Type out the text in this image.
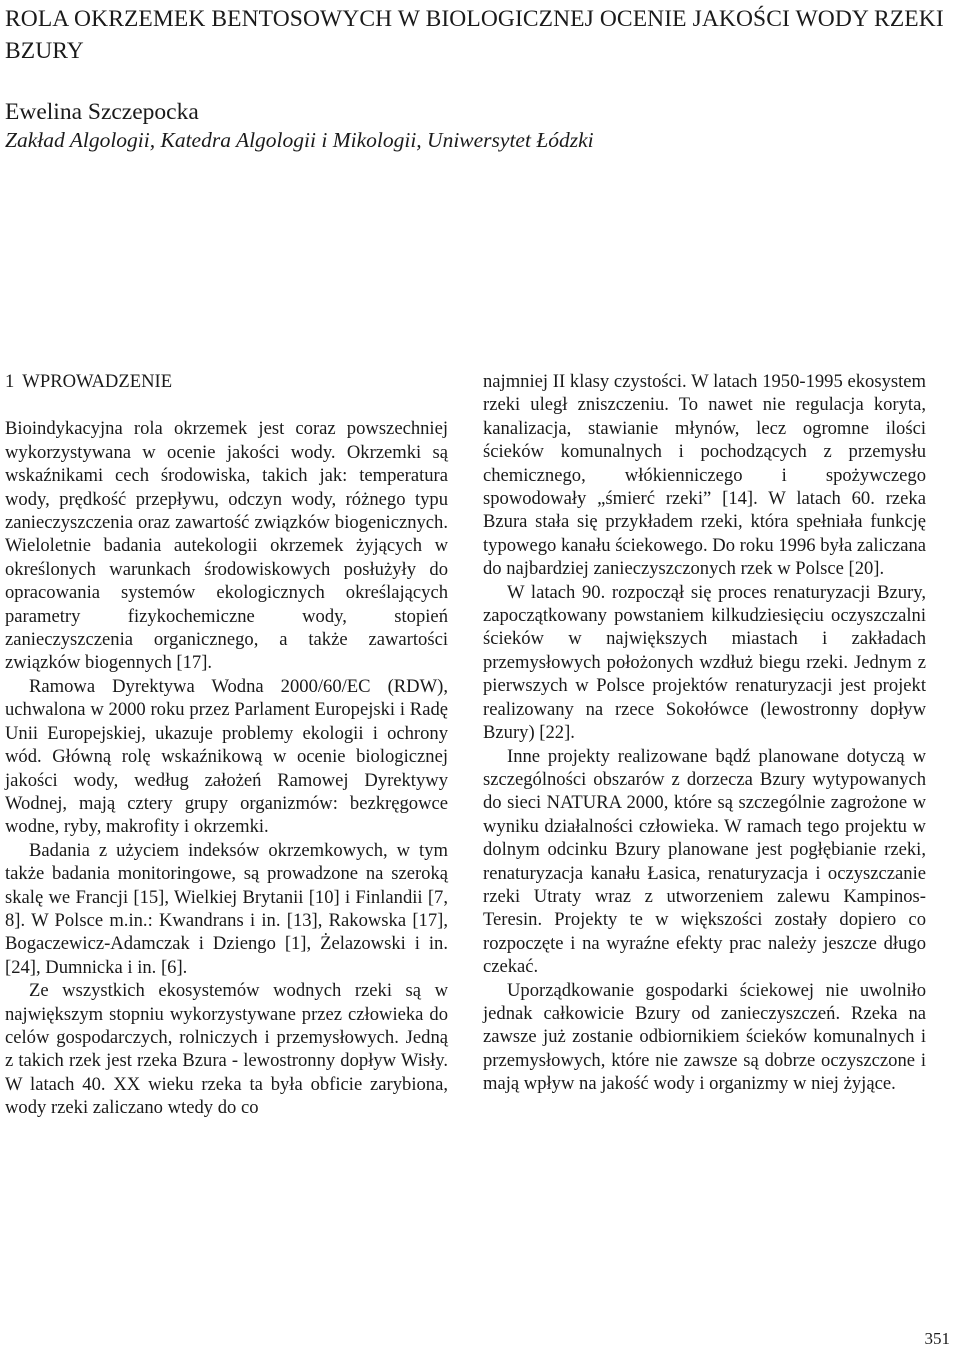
ROLA OKRZEMEK BENTOSOWYCH W BIOLOGICZNEJ OCENIE JAKOŚCI WODY RZEKI BZURY

Ewelina Szczepocka

Zakład Algologii, Katedra Algologii i Mikologii, Uniwersytet Łódzki

1 WPROWADZENIE

Bioindykacyjna rola okrzemek jest coraz powszechniej wykorzystywana w ocenie jakości wody. Okrzemki są wskaźnikami cech środowiska, takich jak: temperatura wody, prędkość przepływu, odczyn wody, różnego typu zanieczyszczenia oraz zawartość związków biogenicznych. Wieloletnie badania autekologii okrzemek żyjących w określonych warunkach środowiskowych posłużyły do opracowania systemów ekologicznych określających parametry fizykochemiczne wody, stopień zanieczyszczenia organicznego, a także zawartości związków biogennych [17].

Ramowa Dyrektywa Wodna 2000/60/EC (RDW), uchwalona w 2000 roku przez Parlament Europejski i Radę Unii Europejskiej, ukazuje problemy ekologii i ochrony wód. Główną rolę wskaźnikową w ocenie biologicznej jakości wody, według założeń Ramowej Dyrektywy Wodnej, mają cztery grupy organizmów: bezkręgowce wodne, ryby, makrofity i okrzemki.

Badania z użyciem indeksów okrzemkowych, w tym także badania monitoringowe, są prowadzone na szeroką skalę we Francji [15], Wielkiej Brytanii [10] i Finlandii [7, 8]. W Polsce m.in.: Kwandrans i in. [13], Rakowska [17], Bogaczewicz-Adamczak i Dziengo [1], Żelazowski i in. [24], Dumnicka i in. [6].

Ze wszystkich ekosystemów wodnych rzeki są w największym stopniu wykorzystywane przez człowieka do celów gospodarczych, rolniczych i przemysłowych. Jedną z takich rzek jest rzeka Bzura - lewostronny dopływ Wisły. W latach 40. XX wieku rzeka ta była obficie zarybiona, wody rzeki zaliczano wtedy do co

najmniej II klasy czystości. W latach 1950-1995 ekosystem rzeki uległ zniszczeniu. To nawet nie regulacja koryta, kanalizacja, stawianie młynów, lecz ogromne ilości ścieków komunalnych i pochodzących z przemysłu chemicznego, włókienniczego i spożywczego spowodowały „śmierć rzeki” [14]. W latach 60. rzeka Bzura stała się przykładem rzeki, która spełniała funkcję typowego kanału ściekowego. Do roku 1996 była zaliczana do najbardziej zanieczyszczonych rzek w Polsce [20].

W latach 90. rozpoczął się proces renaturyzacji Bzury, zapoczątkowany powstaniem kilkudziesięciu oczyszczalni ścieków w największych miastach i zakładach przemysłowych położonych wzdłuż biegu rzeki. Jednym z pierwszych w Polsce projektów renaturyzacji jest projekt realizowany na rzece Sokołówce (lewostronny dopływ Bzury) [22].

Inne projekty realizowane bądź planowane dotyczą w szczególności obszarów z dorzecza Bzury wytypowanych do sieci NATURA 2000, które są szczególnie zagrożone w wyniku działalności człowieka. W ramach tego projektu w dolnym odcinku Bzury planowane jest pogłębianie rzeki, renaturyzacja kanału Łasica, renaturyzacja i oczyszczanie rzeki Utraty wraz z utworzeniem zalewu Kampinos-Teresin. Projekty te w większości zostały dopiero co rozpoczęte i na wyraźne efekty prac należy jeszcze długo czekać.

Uporządkowanie gospodarki ściekowej nie uwolniło jednak całkowicie Bzury od zanieczyszczeń. Rzeka na zawsze już zostanie odbiornikiem ścieków komunalnych i przemysłowych, które nie zawsze są dobrze oczyszczone i mają wpływ na jakość wody i organizmy w niej żyjące.

351
